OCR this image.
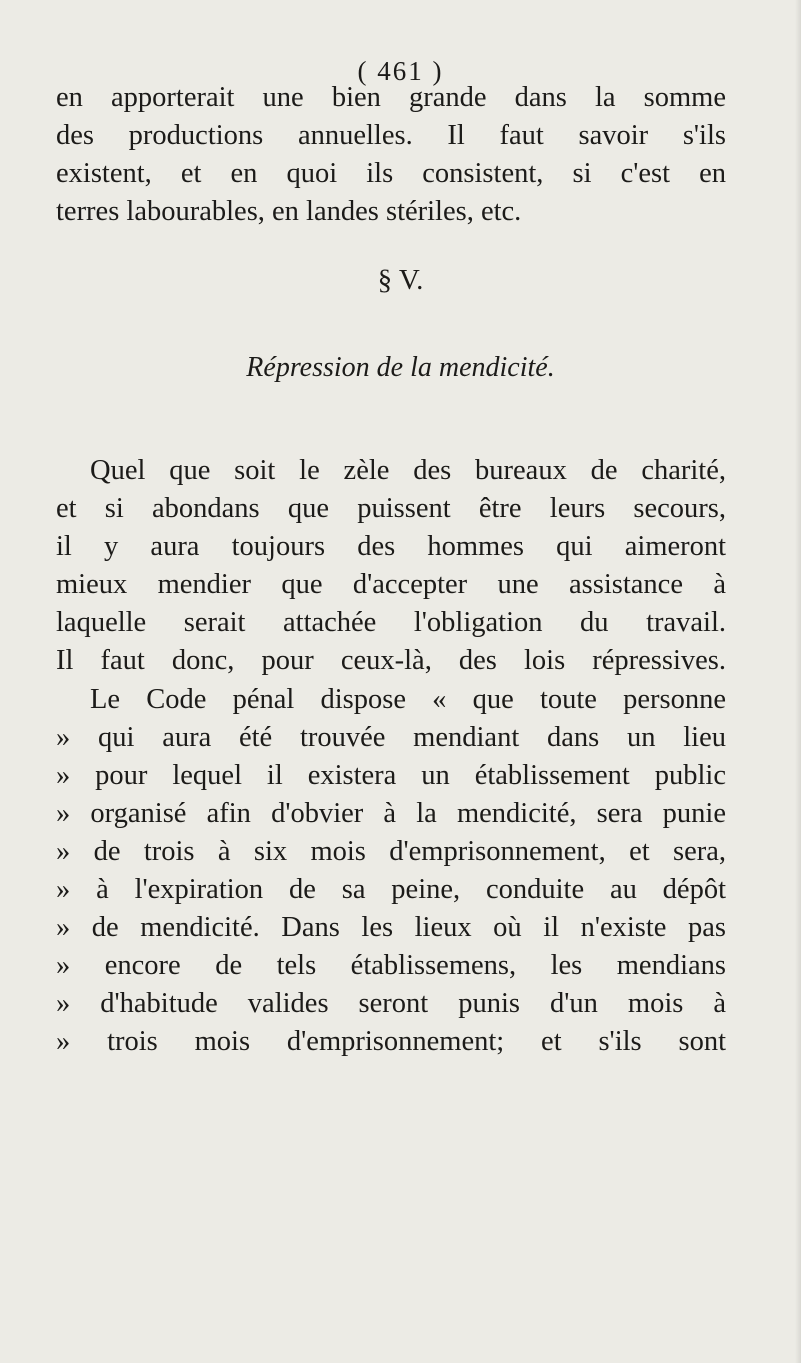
( 461 )
en apporterait une bien grande dans la somme
des productions annuelles. Il faut savoir s'ils
existent, et en quoi ils consistent, si c'est en
terres labourables, en landes stériles, etc.
§ V.
Répression de la mendicité.
Quel que soit le zèle des bureaux de charité,
et si abondans que puissent être leurs secours,
il y aura toujours des hommes qui aimeront
mieux mendier que d'accepter une assistance à
laquelle serait attachée l'obligation du travail.
Il faut donc, pour ceux-là, des lois répressives.
Le Code pénal dispose « que toute personne
» qui aura été trouvée mendiant dans un lieu
» pour lequel il existera un établissement public
» organisé afin d'obvier à la mendicité, sera punie
» de trois à six mois d'emprisonnement, et sera,
» à l'expiration de sa peine, conduite au dépôt
» de mendicité. Dans les lieux où il n'existe pas
» encore de tels établissemens, les mendians
» d'habitude valides seront punis d'un mois à
» trois mois d'emprisonnement; et s'ils sont
